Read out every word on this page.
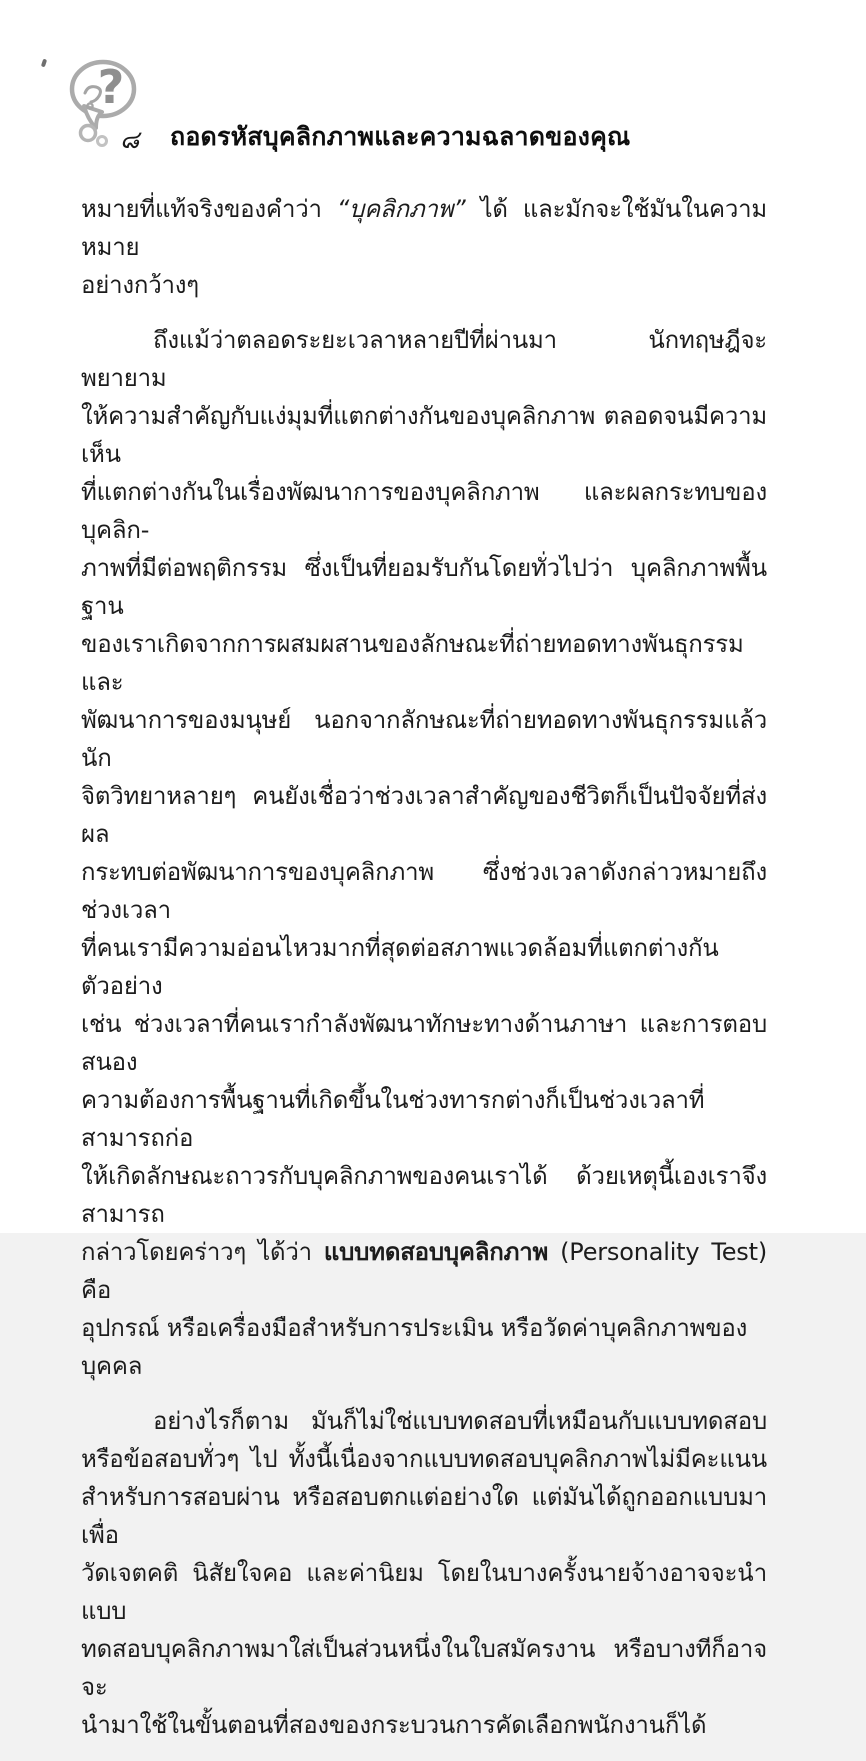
?
๘ ถอดรหัสบุคลิกภาพและความฉลาดของคุณ
หมายที่แท้จริงของคำว่า “บุคลิกภาพ” ได้ และมักจะใช้มันในความหมาย
อย่างกว้างๆ
ถึงแม้ว่าตลอดระยะเวลาหลายปีที่ผ่านมา นักทฤษฎีจะพยายาม
ให้ความสำคัญกับแง่มุมที่แตกต่างกันของบุคลิกภาพ ตลอดจนมีความเห็น
ที่แตกต่างกันในเรื่องพัฒนาการของบุคลิกภาพ และผลกระทบของบุคลิก-
ภาพที่มีต่อพฤติกรรม ซึ่งเป็นที่ยอมรับกันโดยทั่วไปว่า บุคลิกภาพพื้นฐาน
ของเราเกิดจากการผสมผสานของลักษณะที่ถ่ายทอดทางพันธุกรรมและ
พัฒนาการของมนุษย์ นอกจากลักษณะที่ถ่ายทอดทางพันธุกรรมแล้ว นัก
จิตวิทยาหลายๆ คนยังเชื่อว่าช่วงเวลาสำคัญของชีวิตก็เป็นปัจจัยที่ส่งผล
กระทบต่อพัฒนาการของบุคลิกภาพ ซึ่งช่วงเวลาดังกล่าวหมายถึง ช่วงเวลา
ที่คนเรามีความอ่อนไหวมากที่สุดต่อสภาพแวดล้อมที่แตกต่างกัน ตัวอย่าง
เช่น ช่วงเวลาที่คนเรากำลังพัฒนาทักษะทางด้านภาษา และการตอบสนอง
ความต้องการพื้นฐานที่เกิดขึ้นในช่วงทารกต่างก็เป็นช่วงเวลาที่สามารถก่อ
ให้เกิดลักษณะถาวรกับบุคลิกภาพของคนเราได้ ด้วยเหตุนี้เองเราจึงสามารถ
กล่าวโดยคร่าวๆ ได้ว่า แบบทดสอบบุคลิกภาพ (Personality Test) คือ
อุปกรณ์ หรือเครื่องมือสำหรับการประเมิน หรือวัดค่าบุคลิกภาพของบุคคล
อย่างไรก็ตาม มันก็ไม่ใช่แบบทดสอบที่เหมือนกับแบบทดสอบ
หรือข้อสอบทั่วๆ ไป ทั้งนี้เนื่องจากแบบทดสอบบุคลิกภาพไม่มีคะแนน
สำหรับการสอบผ่าน หรือสอบตกแต่อย่างใด แต่มันได้ถูกออกแบบมาเพื่อ
วัดเจตคติ นิสัยใจคอ และค่านิยม โดยในบางครั้งนายจ้างอาจจะนำแบบ
ทดสอบบุคลิกภาพมาใส่เป็นส่วนหนึ่งในใบสมัครงาน หรือบางทีก็อาจจะ
นำมาใช้ในขั้นตอนที่สองของกระบวนการคัดเลือกพนักงานก็ได้
